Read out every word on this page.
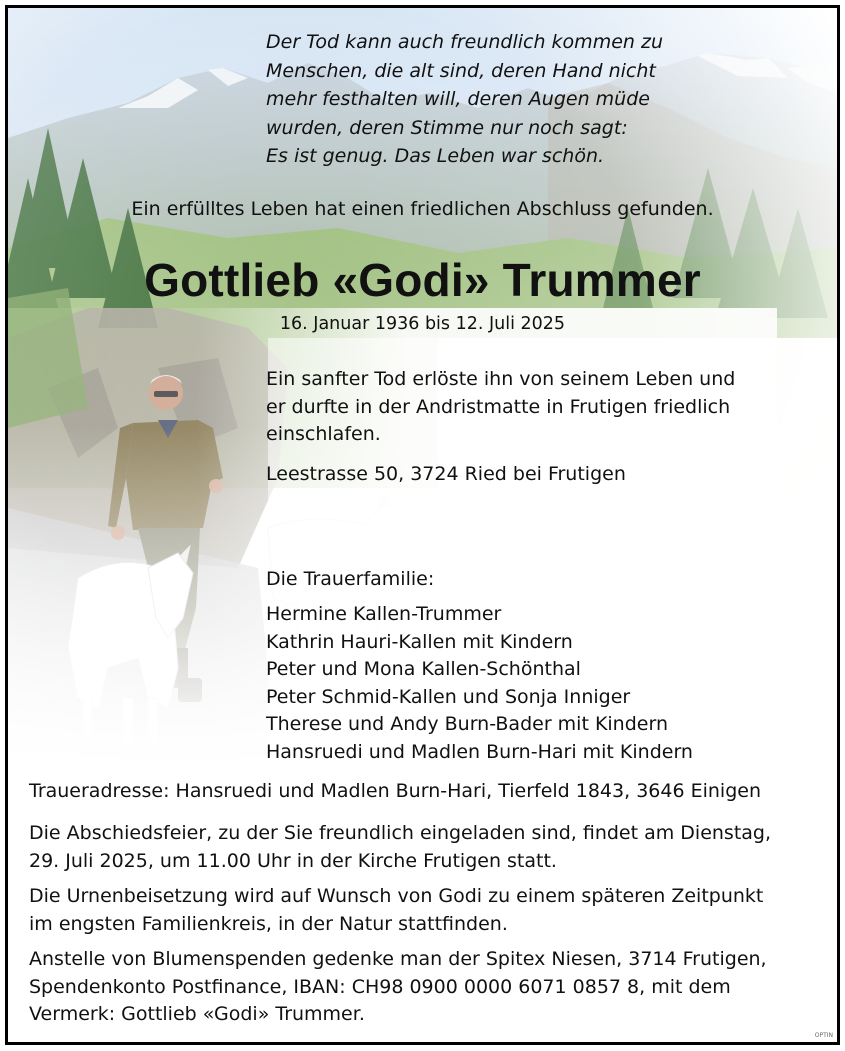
Der Tod kann auch freundlich kommen zu
Menschen, die alt sind, deren Hand nicht
mehr festhalten will, deren Augen müde
wurden, deren Stimme nur noch sagt:
Es ist genug. Das Leben war schön.

Ein erfülltes Leben hat einen friedlichen Abschluss gefunden.

Gottlieb «Godi» Trummer

16. Januar 1936 bis 12. Juli 2025

Ein sanfter Tod erlöste ihn von seinem Leben und
er durfte in der Andristmatte in Frutigen friedlich
einschlafen.

Leestrasse 50, 3724 Ried bei Frutigen

Die Trauerfamilie:

Hermine Kallen-Trummer
Kathrin Hauri-Kallen mit Kindern
Peter und Mona Kallen-Schönthal
Peter Schmid-Kallen und Sonja Inniger
Therese und Andy Burn-Bader mit Kindern
Hansruedi und Madlen Burn-Hari mit Kindern

Traueradresse: Hansruedi und Madlen Burn-Hari, Tierfeld 1843, 3646 Einigen

Die Abschiedsfeier, zu der Sie freundlich eingeladen sind, findet am Dienstag,
29. Juli 2025, um 11.00 Uhr in der Kirche Frutigen statt.
Die Urnenbeisetzung wird auf Wunsch von Godi zu einem späteren Zeitpunkt
im engsten Familienkreis, in der Natur stattfinden.
Anstelle von Blumenspenden gedenke man der Spitex Niesen, 3714 Frutigen,
Spendenkonto Postfinance, IBAN: CH98 0900 0000 6071 0857 8, mit dem
Vermerk: Gottlieb «Godi» Trummer.
OPTIN
